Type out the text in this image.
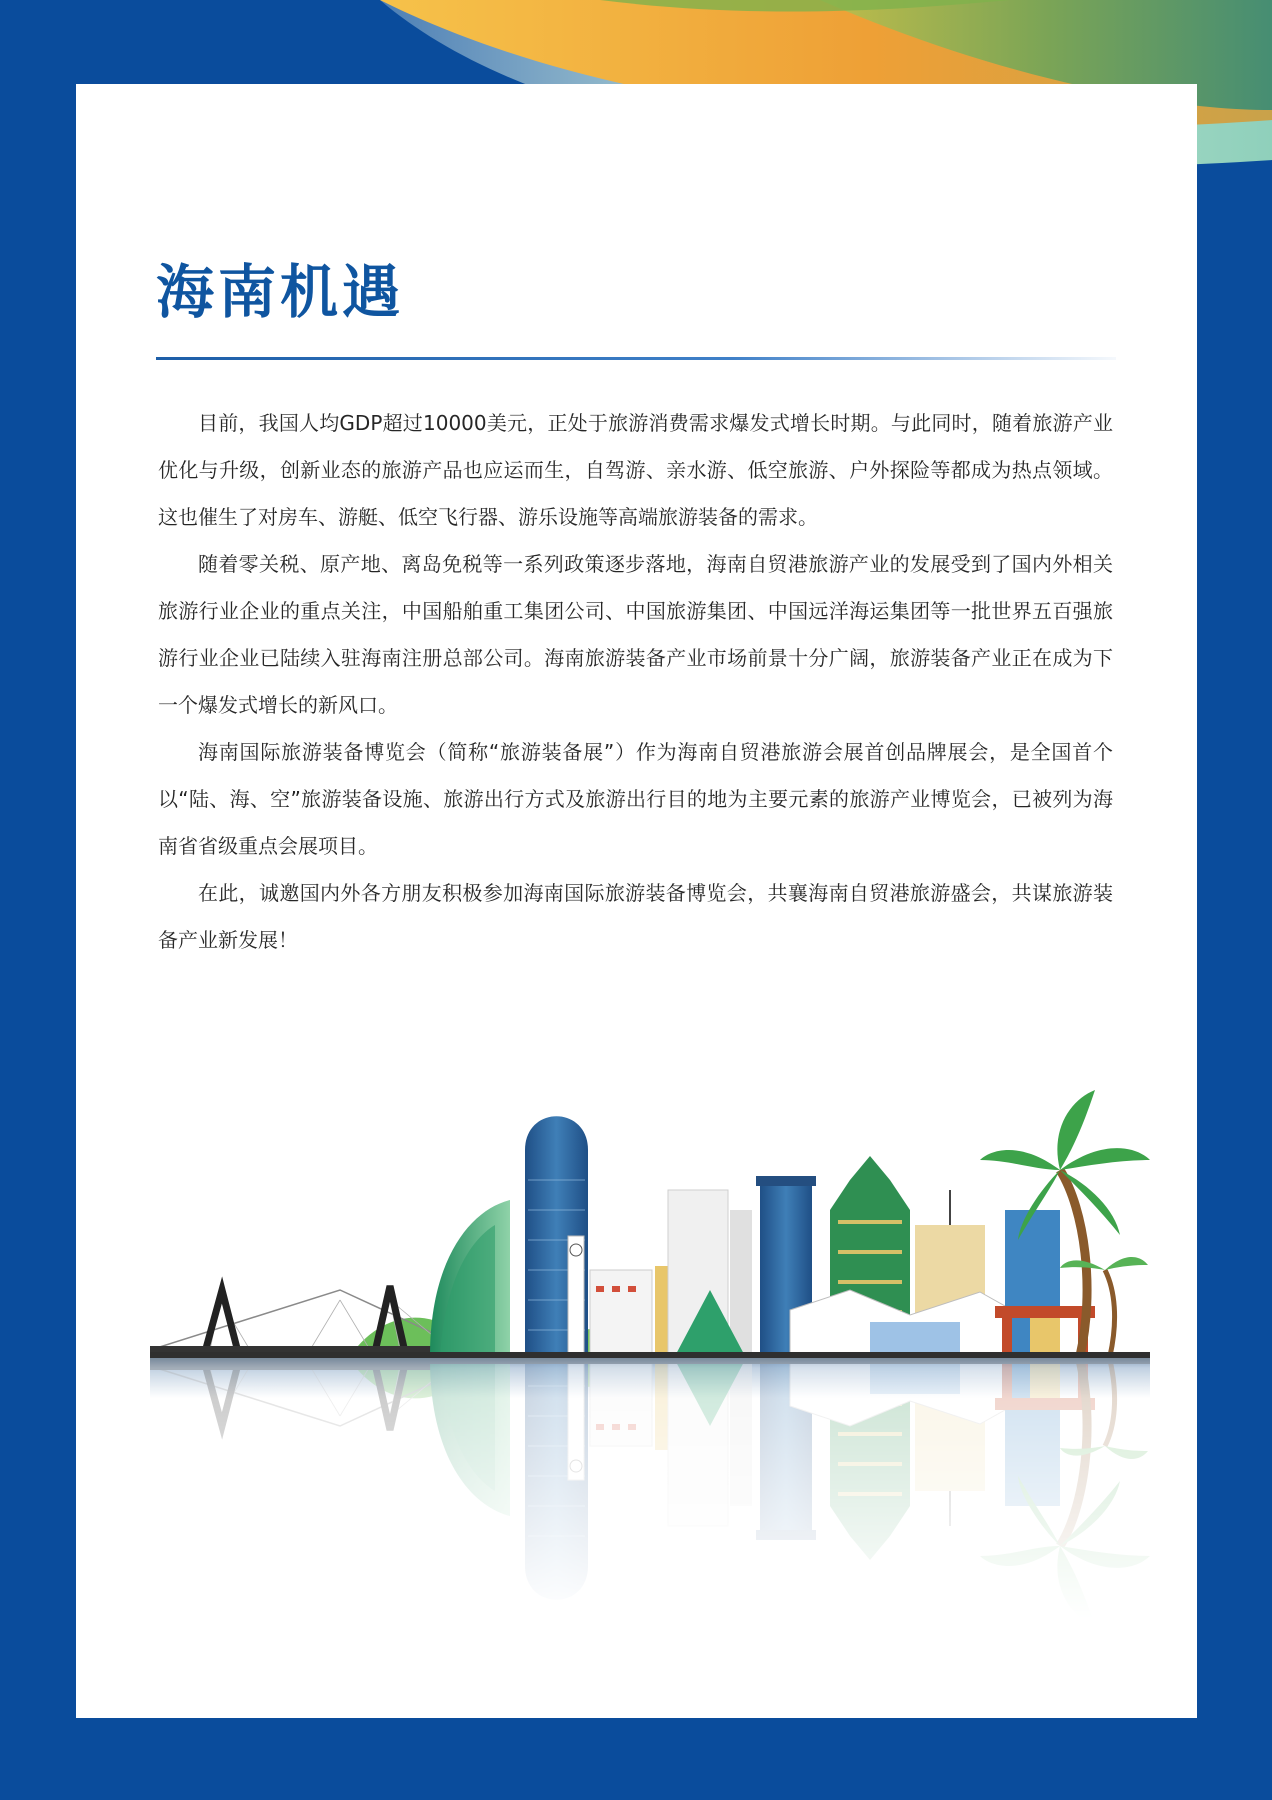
海南机遇

目前，我国人均GDP超过10000美元，正处于旅游消费需求爆发式增长时期。与此同时，随着旅游产业优化与升级，创新业态的旅游产品也应运而生，自驾游、亲水游、低空旅游、户外探险等都成为热点领域。这也催生了对房车、游艇、低空飞行器、游乐设施等高端旅游装备的需求。

随着零关税、原产地、离岛免税等一系列政策逐步落地，海南自贸港旅游产业的发展受到了国内外相关旅游行业企业的重点关注，中国船舶重工集团公司、中国旅游集团、中国远洋海运集团等一批世界五百强旅游行业企业已陆续入驻海南注册总部公司。海南旅游装备产业市场前景十分广阔，旅游装备产业正在成为下一个爆发式增长的新风口。

海南国际旅游装备博览会（简称“旅游装备展”）作为海南自贸港旅游会展首创品牌展会，是全国首个以“陆、海、空”旅游装备设施、旅游出行方式及旅游出行目的地为主要元素的旅游产业博览会，已被列为海南省省级重点会展项目。

在此，诚邀国内外各方朋友积极参加海南国际旅游装备博览会，共襄海南自贸港旅游盛会，共谋旅游装备产业新发展！
